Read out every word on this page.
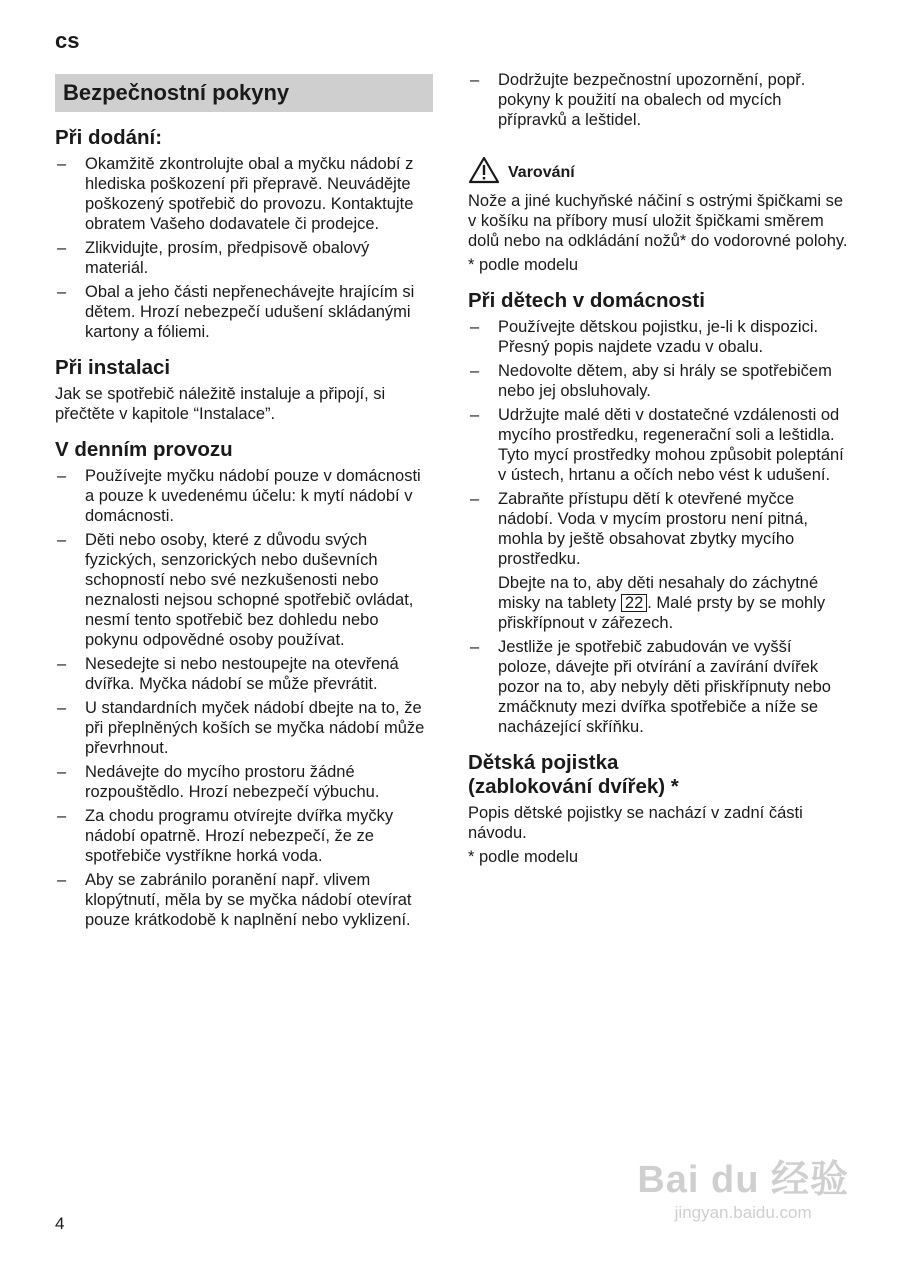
cs
Bezpečnostní pokyny
Při dodání:
– Okamžitě zkontrolujte obal a myčku nádobí z hlediska poškození při přepravě. Neuvádějte poškozený spotřebič do provozu. Kontaktujte obratem Vašeho dodavatele či prodejce.
– Zlikvidujte, prosím, předpisově obalový materiál.
– Obal a jeho části nepřenechávejte hrajícím si dětem. Hrozí nebezpečí udušení skládanými kartony a fóliemi.
Při instalaci

Jak se spotřebič náležitě instaluje a připojí, si přečtěte v kapitole “Instalace”.

V denním provozu
– Používejte myčku nádobí pouze v domácnosti a pouze k uvedenému účelu: k mytí nádobí v domácnosti.
– Děti nebo osoby, které z důvodu svých fyzických, senzorických nebo duševních schopností nebo své nezkušenosti nebo neznalosti nejsou schopné spotřebič ovládat, nesmí tento spotřebič bez dohledu nebo pokynu odpovědné osoby používat.
– Nesedejte si nebo nestoupejte na otevřená dvířka. Myčka nádobí se může převrátit.
– U standardních myček nádobí dbejte na to, že při přeplněných koších se myčka nádobí může převrhnout.
– Nedávejte do mycího prostoru žádné rozpouštědlo. Hrozí nebezpečí výbuchu.
– Za chodu programu otvírejte dvířka myčky nádobí opatrně. Hrozí nebezpečí, že ze spotřebiče vystříkne horká voda.
– Aby se zabránilo poranění např. vlivem klopýtnutí, měla by se myčka nádobí otevírat pouze krátkodobě k naplnění nebo vyklizení.
– Dodržujte bezpečnostní upozornění, popř. pokyny k použití na obalech od mycích přípravků a leštidel.
Varování

Nože a jiné kuchyňské náčiní s ostrými špičkami se v košíku na příbory musí uložit špičkami směrem dolů nebo na odkládání nožů* do vodorovné polohy.

* podle modelu

Při dětech v domácnosti
– Používejte dětskou pojistku, je-li k dispozici. Přesný popis najdete vzadu v obalu.
– Nedovolte dětem, aby si hrály se spotřebičem nebo jej obsluhovaly.
– Udržujte malé děti v dostatečné vzdálenosti od mycího prostředku, regenerační soli a leštidla. Tyto mycí prostředky mohou způsobit poleptání v ústech, hrtanu a očích nebo vést k udušení.
– Zabraňte přístupu dětí k otevřené myčce nádobí. Voda v mycím prostoru není pitná, mohla by ještě obsahovat zbytky mycího prostředku.

Dbejte na to, aby děti nesahaly do záchytné misky na tablety 22 . Malé prsty by se mohly přiskřípnout v zářezech.

– Jestliže je spotřebič zabudován ve vyšší poloze, dávejte při otvírání a zavírání dvířek pozor na to, aby nebyly děti přiskřípnuty nebo zmáčknuty mezi dvířka spotřebiče a níže se nacházející skříňku.
Dětská pojistka
(zablokování dvířek) *

Popis dětské pojistky se nachází v zadní části návodu.

* podle modelu

4
Bai du 经验
jingyan.baidu.com
